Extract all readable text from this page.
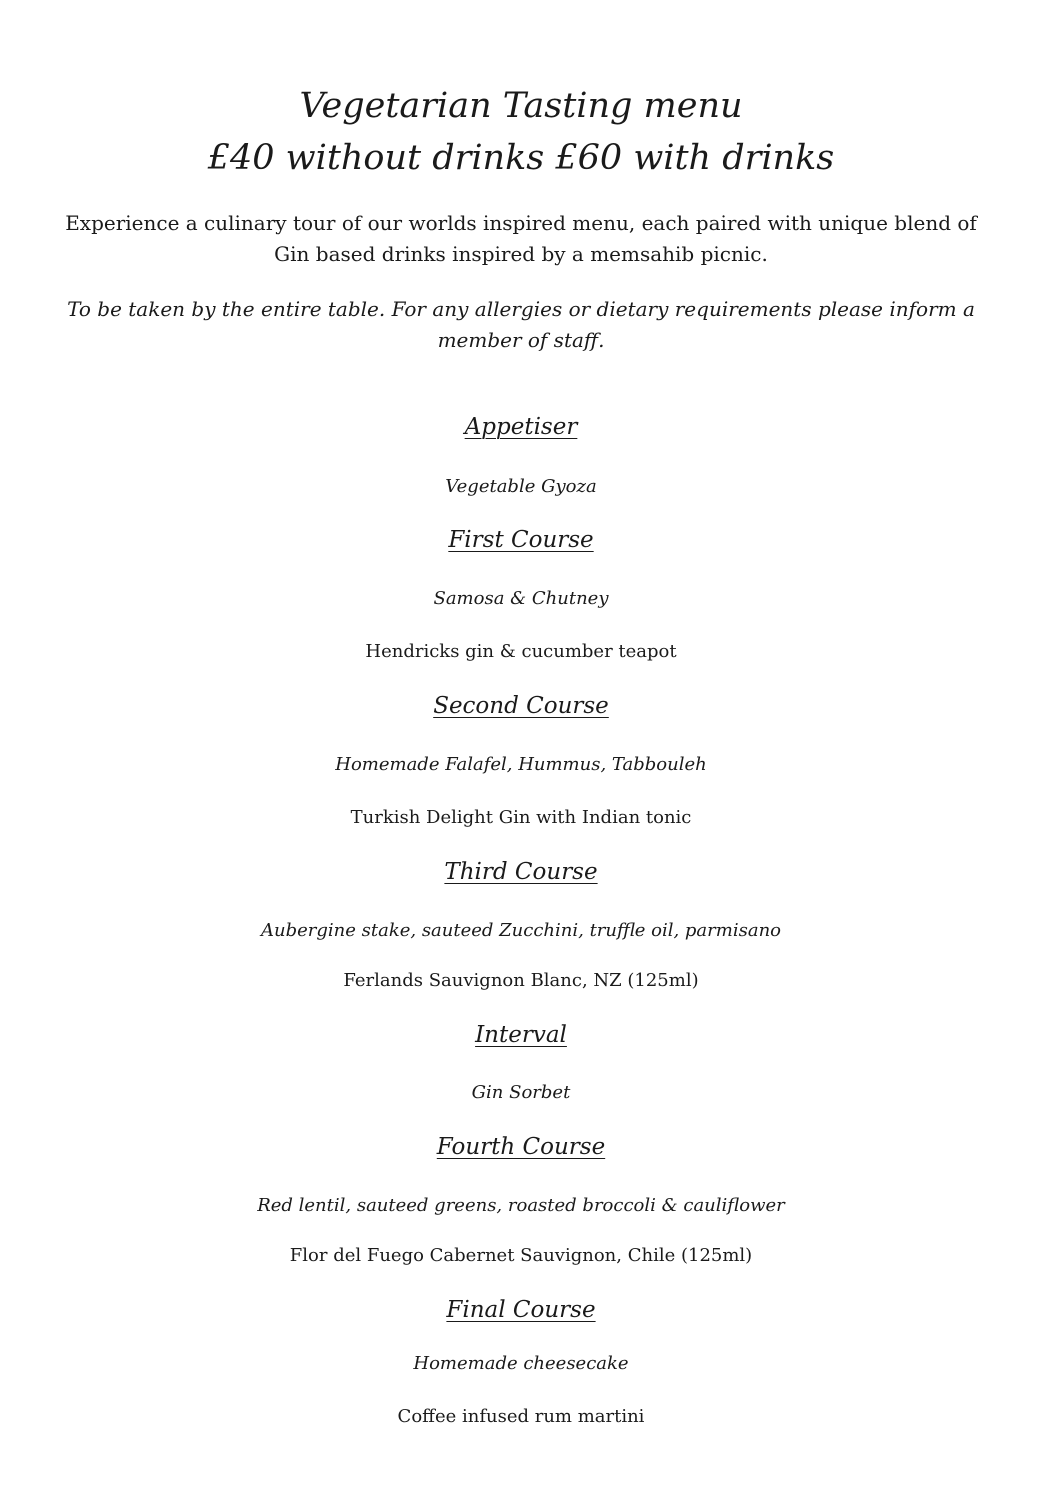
Vegetarian Tasting menu
£40 without drinks £60 with drinks
Experience a culinary tour of our worlds inspired menu, each paired with unique blend of
Gin based drinks inspired by a memsahib picnic.
To be taken by the entire table. For any allergies or dietary requirements please inform a
member of staff.
Appetiser
Vegetable Gyoza
First Course
Samosa & Chutney
Hendricks gin & cucumber teapot
Second Course
Homemade Falafel, Hummus, Tabbouleh
Turkish Delight Gin with Indian tonic
Third Course
Aubergine stake, sauteed Zucchini, truffle oil, parmisano
Ferlands Sauvignon Blanc, NZ (125ml)
Interval
Gin Sorbet
Fourth Course
Red lentil, sauteed greens, roasted broccoli & cauliflower
Flor del Fuego Cabernet Sauvignon, Chile (125ml)
Final Course
Homemade cheesecake
Coffee infused rum martini
